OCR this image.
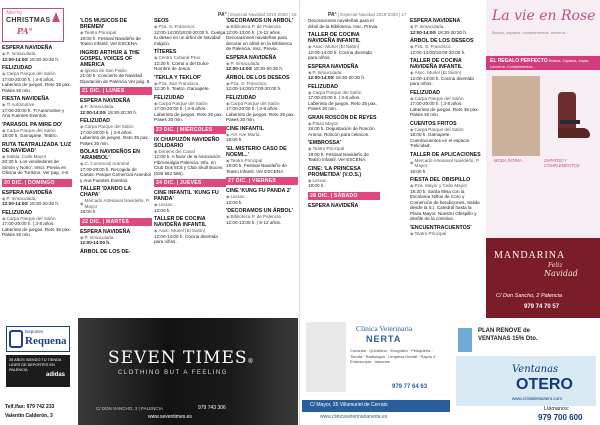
PA° | Especial Navidad 2019-2020 | 16
Merry
CHRISTMAS
PA°
ESPERA NAVIDEÑA
◉ P. Inmaculada.
12:00-14:00/ 18:30-20:30 h.
FELIZUDAD
◉ Carpa Parque del Salón
17:00-20:00 h. | 3-8 años. Laberinto de juegos. Reto 35 pax. Pases 30 min.
FIESTA NAVIDEÑA
◉ Tl Automotive
17:00-20:00 h. Tl Automotive y Ana Fuentes Eventos.
'PARASOL PA MIRE DO'
◉ Carpa Parque del Salón
18:00 h. Gamapete. Teatro.
RUTA TEATRALIZADA 'LUZ DE NAVIDAD'
◉ Salida: Calle Mayor
20:30 h. Los vendedores de Simón y Nono’. Inscr. Previa en Oficina de Turismo. Ver pag. 4-8.
20 DIC. | DOMINGO
ESPERA NAVIDEÑA
◉ P. Inmaculada.
12:00-14:00/ 18:30-20:30 h.
FELIZUDAD
◉ Carpa Parque del Salón
17:00-20:00 h. | 3-8 años. Laberinto de juegos. Reto 35 pax. Pases 30 min.
'LOS MÚSICOS DE BREMEN'
◉ Teatro Principal
19:00 h. Festival Navideño de Teatro Infantil. Ver ESCENA.
INGRID ARTHUR & THE GOSPEL VOICES OF AMERICA
◉ Iglesia de San Pablo
21:00 h. Concierto de Navidad Diputación de Palencia Ver pág. 8.
21 DIC. | LUNES
ESPERA NAVIDEÑA
◉ P. Inmaculada.
12:00-14:00/ 18:30-20:30 h.
FELIZUDAD
◉ Carpa Parque del Salón
17:00-20:00 h. | 3-8 años. Laberinto de juegos. Reto 35 pax. Pases 30 min.
BOLAS NAVIDEÑOS EN 'ARAMBOL'
◉ C. Comercial Arambol
17:00-20:00 h. Recogida de Cartas. Parque Comercial Arambol y Ana Fuentes Eventos.
TALLER 'DANDO LA CHAPA'
◉
Mercado Artesanal Navideño, P. Mayor
18:00 h.
22 DIC. | MARTES
ESPERA NAVIDEÑA
◉ P. Inmaculada.
12:00-14:00 h.
ÁRBOL DE LOS DE-
SEOS
◉ Pza. S. Francisco
12:00-14:00/18:00-20:00 h. Cuelga tu deseo en un árbol de Navidad mágico.
TÍTERES
◉ Centro Cultural Prov.
12:30 h. Corral a del Dulce Nombre de Jesús.
'TEKLA Y TEKLOF'
◉ Pza. San Francisco
12:30 h. Teatro. Gamapete.
FELIZUDAD
◉ Carpa Parque del Salón
17:00-20:00 h. | 3-8 años. Laberinto de juegos. Reto 35 pax. Pases 30 min.
23 DIC. | MIÉRCOLES
IX CHAPUZÓN NAVIDEÑO SOLIDARIO
◉ Dimens del Canal
12:00 h. A favor de la Asociación Fibromialgia Palencia. Info. en Club Dos 5C8 y Club Skull Buceo (636 562 566).
24 DIC. | JUEVES
CINE INFANTIL 'KUNG FU PANDA'
◉ Lecrac.
12:00 h.
TALLER DE COCINA NAVIDEÑA INFANTIL
◉ Asoc. Muriel (El Salón)
12:00-14:00 h. Cocina divertida para niños.
'DECORAMOS UN ÁRBOL'
◉ Biblioteca P. de Palencia
12:00-13:00 h. | 5-12 años. Decoraciones navideñas para decorar un árbol en la Biblioteca de Palencia. Insc. Previa.
ESPERA NAVIDEÑA
◉ P. Inmaculada.
12:00-14:00/ 18:30-20:30 h.
ÁRBOL DE LOS DESEOS
◉ Pza. S. Francisco.
12:00-14:00/17:00-20:00 h.
FELIZUDAD
◉ Carpa Parque del Salón
17:00-20:00 h. | 3-8 años. Laberinto de juegos. Reto 35 pax. Pases 30 min.
CINE INFANTIL
◉ AVI Ave María.
18:00 h.
'EL MISTERIO CASO DE NOEMI...'
◉ Teatro Principal
19:00 h. Festival Navideño de Teatro Infantil. Ver ESCENA.
27 DIC. | VIERNES
CINE 'KUNG FU PANDA 2'
◉ Lecrac.
12:00 h.
'DECORAMOS UN ÁRBOL'
◉ Biblioteca P. de Palencia
12:00-13:00 h. | 5-12 años.
Deportes
Requena
35 AÑOS SIENDO TU TIENDA LIDER DE DEPORTES EN PALENCIA
adidas
Telf./fax: 979 742 233
Valentín Calderón, 3
SEVEN TIMES®
CLOTHING BUT A FEELING
C/ DON SANCHO, 3 | PALENCIA	979 743 306
www.seventimes.es
PA° | Especial Navidad 2019-2020 | 17
Decoraciones navideñas para el árbol de la Biblioteca. Insc. Previa.
TALLER DE COCINA NAVIDEÑA INFANTIL
◉ Asoc. Muriel (El Salón)
12:00-14:00 h. Cocina divertida para niños.
ESPERA NAVIDEÑA
◉ P. Inmaculada.
12:00-14:00/ 18:30-20:30 h.
FELIZUDAD
◉ Carpa Parque del Salón
17:00-20:00 h. | 3-8 años. Laberinto de juegos. Reto 35 pax. Pases 30 min.
GRAN ROSCÓN DE REYES
◉ Plaza Mayor
18:00 h. Degustación de Roscón Aroma. Roscón para celiacos.
'EMBROSSA'
◉ Teatro Principal
19:00 h. Festival Navideño de Teatro Infantil. Ver ESCENA.
CINE: 'LA PRINCESA PROMETIDA' (V.O.S.)
◉ Lecrac.
19:00 h.
28 DIC. | SÁBADO
ESPERA NAVIDEÑA
ESPERA NAVIDEÑA
◉ P. Inmaculada.
12:00-14:00/ 18:30-20:30 h.
ÁRBOL DE LOS DESEOS
◉ Pza. S. Francisco.
12:00-14:00/18:00-20:00 h.
TALLER DE COCINA NAVIDEÑA INFANTIL
◉ Asoc. Muriel (El Salón)
12:00-14:00 h. Cocina divertida para niños.
FELIZUDAD
◉ Carpa Parque del Salón
17:00-20:00 h. | 3-8 años. Laberinto de juegos. Reto 35 pax. Pases 30 min.
CUENTOS FRITOS
◉ Carpa Parque del Salón
18:00 h. Gamapete. Cuentacuentos en el espacio 'Felicidad'.
TALLER DE APLICACIONES
◉
Mercado Artesanal Navideño, P. Mayor
18:00 h.
FIESTA DEL OBISPILLO
◉ Pza. Mayor y Calle Mayor
18:30 h. Santa Misa con la Escolanía Niños de Coro y Comerción de bendiciones. Salida desde la S.I. Catedral hasta la Plaza Mayor. Nuestro Obispillo y desfile de la comitiva.
'ENCUENTRACUENTOS'
◉ Teatro Principal
La vie en Rose
Bolsos, zapatos, complementos, lencería...
EL REGALO PERFECTO Bolsos, Zapatos, Joyas, Lencería, Complementos...
MODA ÍNTIMA	ZAPATOS Y COMPLEMENTOS
MANDARINA
Feliz
Navidad
C/ Don Sancho, 2 Palencia
979 74 70 57
Clínica Veterinaria
NERTA
Consulta · Quirófano · Ecografía · Peluquería · Tienda · Radiología · Limpieza Dental · Rayos X · Endoscopia · Vacunas
979 77 64 63
C/ Mayor, 35 Villamuriel de Cerrato
www.clinicaveterinarianerta.es
PLAN RENOVE de
VENTANAS 15% Dto.
Ventanas
OTERO
www.cristaleriaotero.com
Llámanos:
979 700 600
